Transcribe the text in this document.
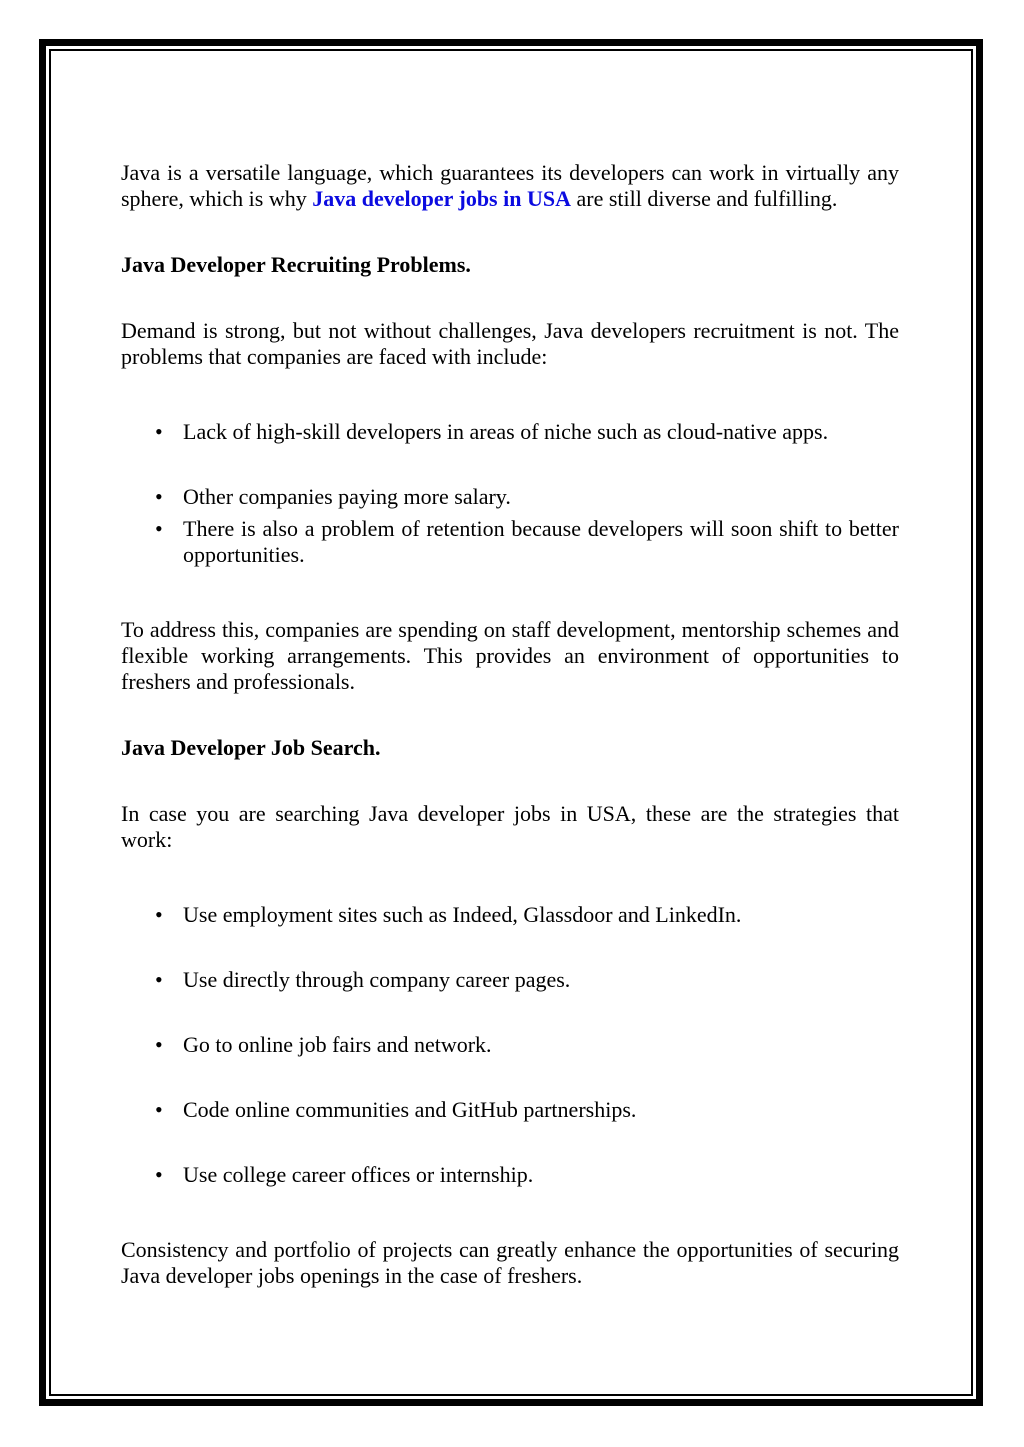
Java is a versatile language, which guarantees its developers can work in virtually any sphere, which is why Java developer jobs in USA are still diverse and fulfilling.

Java Developer Recruiting Problems.

Demand is strong, but not without challenges, Java developers recruitment is not. The problems that companies are faced with include:

• Lack of high-skill developers in areas of niche such as cloud-native apps.
• Other companies paying more salary.
• There is also a problem of retention because developers will soon shift to better opportunities.

To address this, companies are spending on staff development, mentorship schemes and flexible working arrangements. This provides an environment of opportunities to freshers and professionals.

Java Developer Job Search.

In case you are searching Java developer jobs in USA, these are the strategies that work:

• Use employment sites such as Indeed, Glassdoor and LinkedIn.
• Use directly through company career pages.
• Go to online job fairs and network.
• Code online communities and GitHub partnerships.
• Use college career offices or internship.

Consistency and portfolio of projects can greatly enhance the opportunities of securing Java developer jobs openings in the case of freshers.
